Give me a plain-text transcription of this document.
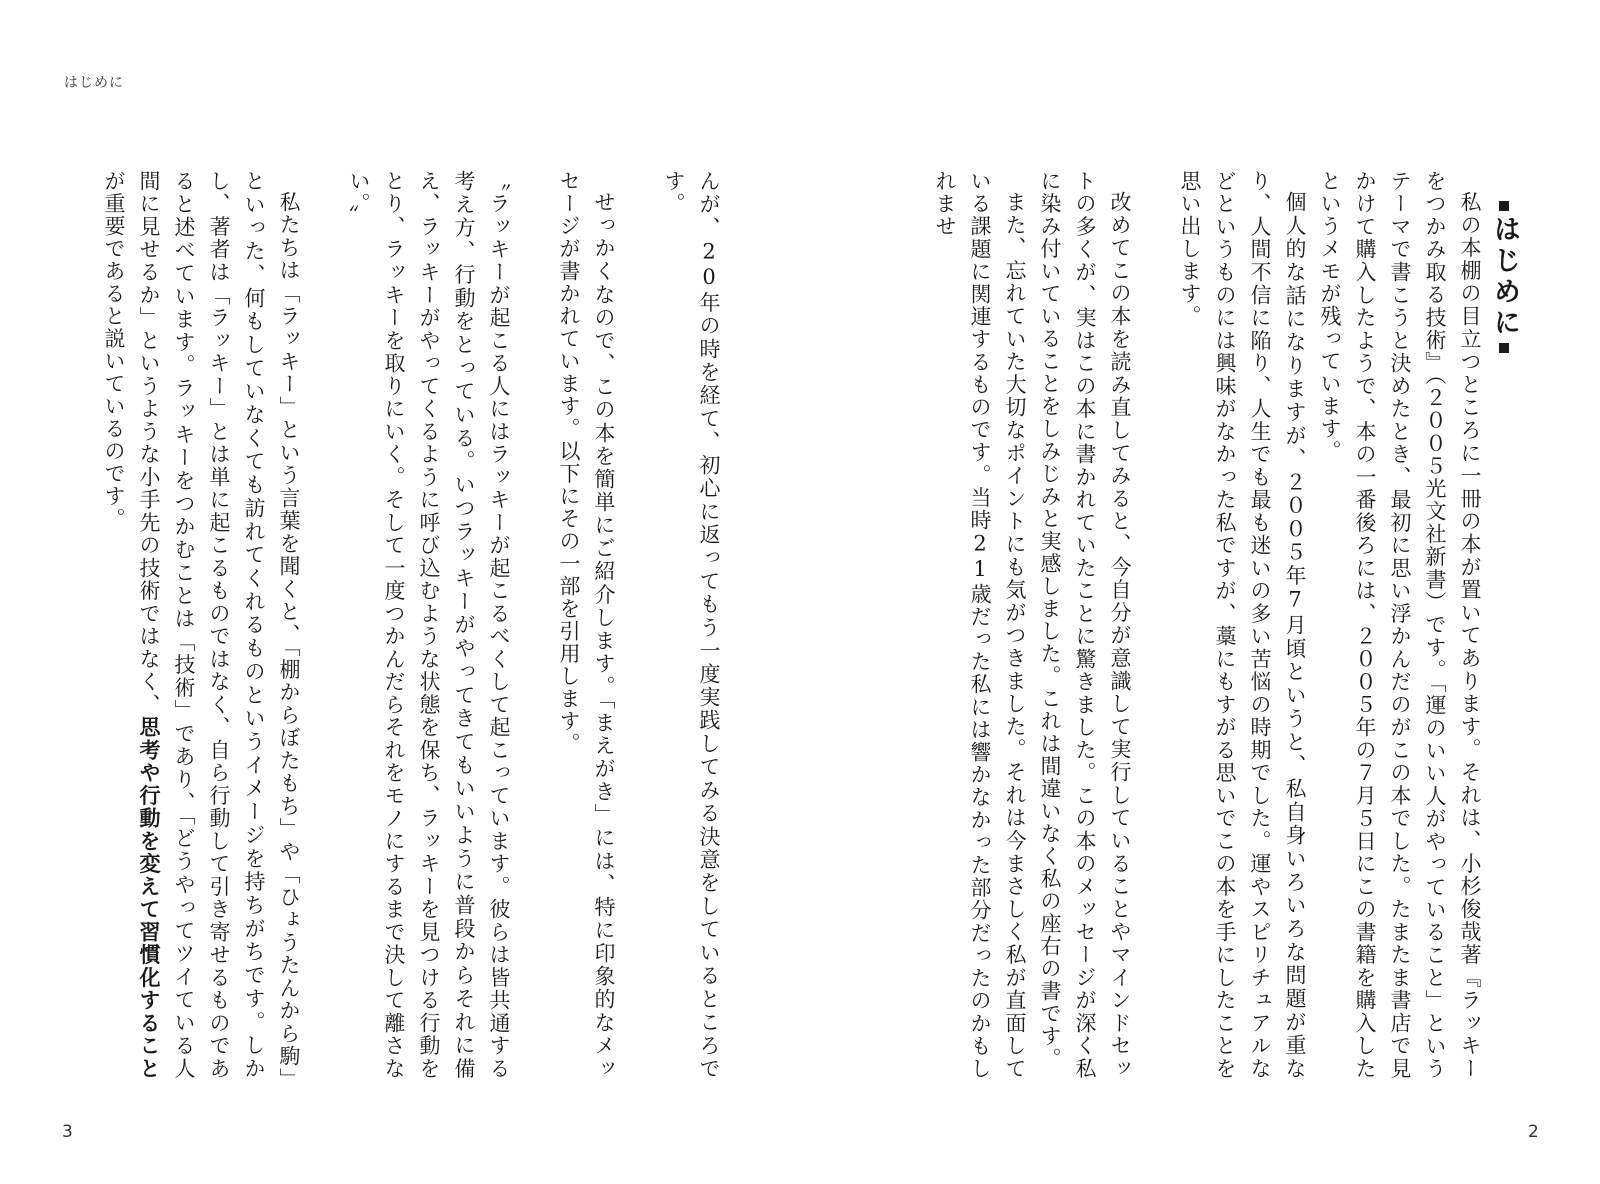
はじめに

んが、20年の時を経て、初心に返ってもう一度実践してみる決意をしているところです。

せっかくなので、この本を簡単にご紹介します。「まえがき」には、特に印象的なメッセージが書かれています。以下にその一部を引用します。

〝ラッキーが起こる人にはラッキーが起こるべくして起こっています。彼らは皆共通する考え方、行動をとっている。いつラッキーがやってきてもいいように普段からそれに備え、ラッキーがやってくるように呼び込むような状態を保ち、ラッキーを見つける行動をとり、ラッキーを取りにいく。そして一度つかんだらそれをモノにするまで決して離さない。〟

私たちは「ラッキー」という言葉を聞くと、「棚からぼたもち」や「ひょうたんから駒」といった、何もしていなくても訪れてくれるものというイメージを持ちがちです。しかし、著者は「ラッキー」とは単に起こるものではなく、自ら行動して引き寄せるものであると述べています。ラッキーをつかむことは「技術」であり、「どうやってツイている人間に見せるか」というような小手先の技術ではなく、思考や行動を変えて習慣化することが重要であると説いているのです。

3

はじめに

私の本棚の目立つところに一冊の本が置いてあります。それは、小杉俊哉著『ラッキーをつかみ取る技術』（２００５光文社新書）です。「運のいい人がやっていること」というテーマで書こうと決めたとき、最初に思い浮かんだのがこの本でした。たまたま書店で見かけて購入したようで、本の一番後ろには、２００５年の７月５日にこの書籍を購入したというメモが残っています。

個人的な話になりますが、２００５年7月頃というと、私自身いろいろな問題が重なり、人間不信に陥り、人生でも最も迷いの多い苦悩の時期でした。運やスピリチュアルなどというものには興味がなかった私ですが、藁にもすがる思いでこの本を手にしたことを思い出します。

改めてこの本を読み直してみると、今自分が意識して実行していることやマインドセットの多くが、実はこの本に書かれていたことに驚きました。この本のメッセージが深く私に染み付いていることをしみじみと実感しました。これは間違いなく私の座右の書です。

また、忘れていた大切なポイントにも気がつきました。それは今まさしく私が直面している課題に関連するものです。当時21歳だった私には響かなかった部分だったのかもしれませ

2
